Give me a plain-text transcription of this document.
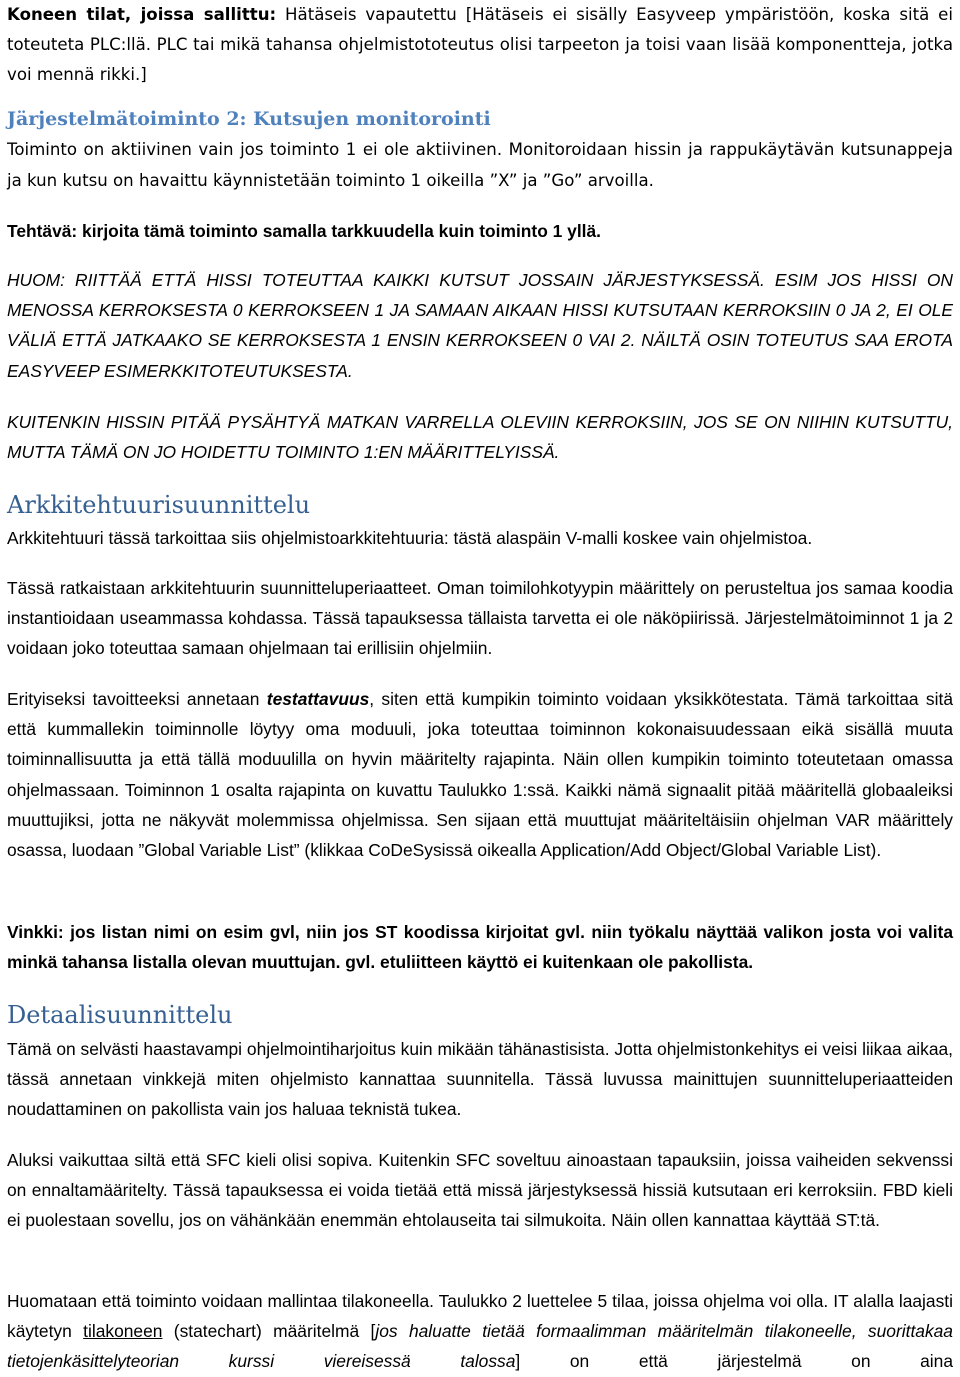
Koneen tilat, joissa sallittu: Hätäseis vapautettu [Hätäseis ei sisälly Easyveep ympäristöön, koska sitä ei toteuteta PLC:llä. PLC tai mikä tahansa ohjelmistototeutus olisi tarpeeton ja toisi vaan lisää komponentteja, jotka voi mennä rikki.]

Järjestelmätoiminto 2: Kutsujen monitorointi

Toiminto on aktiivinen vain jos toiminto 1 ei ole aktiivinen. Monitoroidaan hissin ja rappukäytävän kutsunappeja ja kun kutsu on havaittu käynnistetään toiminto 1 oikeilla ”X” ja ”Go” arvoilla.

Tehtävä: kirjoita tämä toiminto samalla tarkkuudella kuin toiminto 1 yllä.

HUOM: RIITTÄÄ ETTÄ HISSI TOTEUTTAA KAIKKI KUTSUT JOSSAIN JÄRJESTYKSESSÄ. ESIM JOS HISSI ON MENOSSA KERROKSESTA 0 KERROKSEEN 1 JA SAMAAN AIKAAN HISSI KUTSUTAAN KERROKSIIN 0 JA 2, EI OLE VÄLIÄ ETTÄ JATKAAKO SE KERROKSESTA 1 ENSIN KERROKSEEN 0 VAI 2. NÄILTÄ OSIN TOTEUTUS SAA EROTA EASYVEEP ESIMERKKITOTEUTUKSESTA.

KUITENKIN HISSIN PITÄÄ PYSÄHTYÄ MATKAN VARRELLA OLEVIIN KERROKSIIN, JOS SE ON NIIHIN KUTSUTTU, MUTTA TÄMÄ ON JO HOIDETTU TOIMINTO 1:EN MÄÄRITTELYISSÄ.

Arkkitehtuurisuunnittelu

Arkkitehtuuri tässä tarkoittaa siis ohjelmistoarkkitehtuuria: tästä alaspäin V-malli koskee vain ohjelmistoa.

Tässä ratkaistaan arkkitehtuurin suunnitteluperiaatteet. Oman toimilohkotyypin määrittely on perusteltua jos samaa koodia instantioidaan useammassa kohdassa. Tässä tapauksessa tällaista tarvetta ei ole näköpiirissä. Järjestelmätoiminnot 1 ja 2 voidaan joko toteuttaa samaan ohjelmaan tai erillisiin ohjelmiin.

Erityiseksi tavoitteeksi annetaan testattavuus, siten että kumpikin toiminto voidaan yksikkötestata. Tämä tarkoittaa sitä että kummallekin toiminnolle löytyy oma moduuli, joka toteuttaa toiminnon kokonaisuudessaan eikä sisällä muuta toiminnallisuutta ja että tällä moduulilla on hyvin määritelty rajapinta. Näin ollen kumpikin toiminto toteutetaan omassa ohjelmassaan. Toiminnon 1 osalta rajapinta on kuvattu Taulukko 1:ssä. Kaikki nämä signaalit pitää määritellä globaaleiksi muuttujiksi, jotta ne näkyvät molemmissa ohjelmissa. Sen sijaan että muuttujat määriteltäisiin ohjelman VAR määrittely osassa, luodaan ”Global Variable List” (klikkaa CoDeSysissä oikealla Application/Add Object/Global Variable List).

Vinkki: jos listan nimi on esim gvl, niin jos ST koodissa kirjoitat gvl. niin työkalu näyttää valikon josta voi valita minkä tahansa listalla olevan muuttujan. gvl. etuliitteen käyttö ei kuitenkaan ole pakollista.

Detaalisuunnittelu

Tämä on selvästi haastavampi ohjelmointiharjoitus kuin mikään tähänastisista. Jotta ohjelmistonkehitys ei veisi liikaa aikaa, tässä annetaan vinkkejä miten ohjelmisto kannattaa suunnitella. Tässä luvussa mainittujen suunnitteluperiaatteiden noudattaminen on pakollista vain jos haluaa teknistä tukea.

Aluksi vaikuttaa siltä että SFC kieli olisi sopiva. Kuitenkin SFC soveltuu ainoastaan tapauksiin, joissa vaiheiden sekvenssi on ennaltamääritelty. Tässä tapauksessa ei voida tietää että missä järjestyksessä hissiä kutsutaan eri kerroksiin. FBD kieli ei puolestaan sovellu, jos on vähänkään enemmän ehtolauseita tai silmukoita. Näin ollen kannattaa käyttää ST:tä.

Huomataan että toiminto voidaan mallintaa tilakoneella. Taulukko 2 luettelee 5 tilaa, joissa ohjelma voi olla. IT alalla laajasti käytetyn tilakoneen (statechart) määritelmä [jos haluatte tietää formaalimman määritelmän tilakoneelle, suorittakaa tietojenkäsittelyteorian kurssi viereisessä talossa] on että järjestelmä on aina
